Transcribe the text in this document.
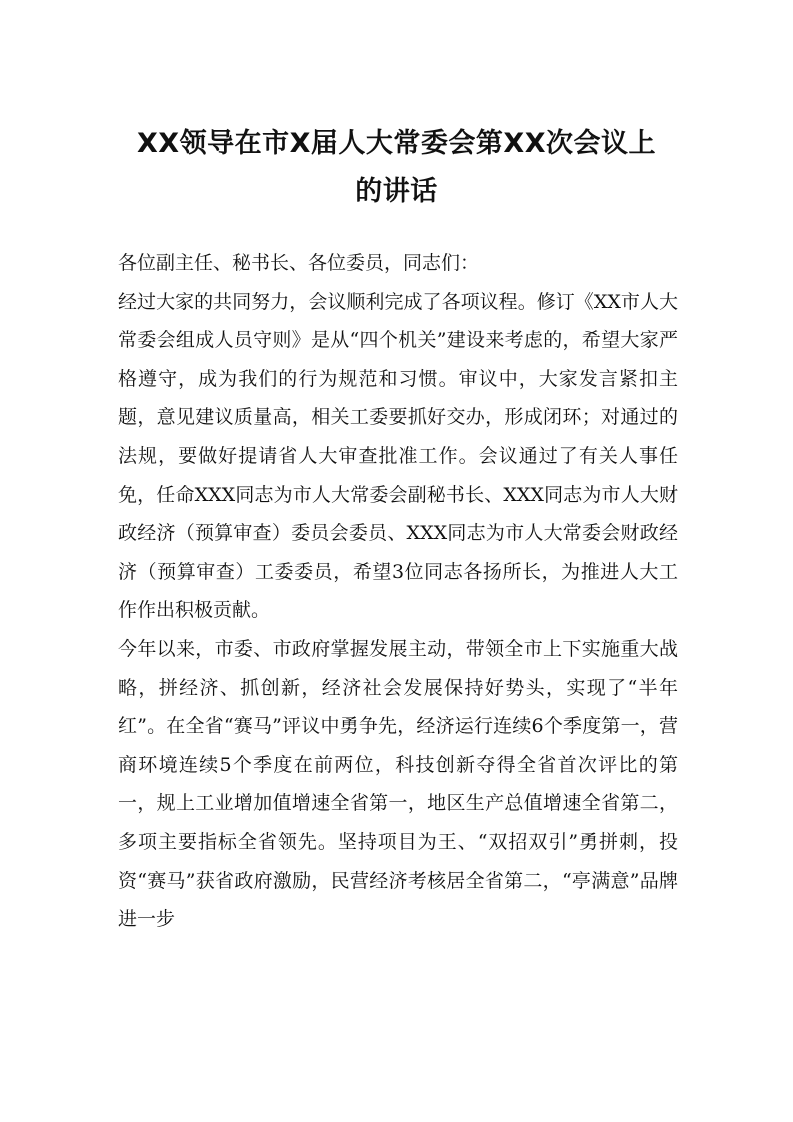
XX领导在市X届人大常委会第XX次会议上
的讲话

各位副主任、秘书长、各位委员，同志们：

经过大家的共同努力，会议顺利完成了各项议程。修订《XX市人大常委会组成人员守则》是从“四个机关”建设来考虑的，希望大家严格遵守，成为我们的行为规范和习惯。审议中，大家发言紧扣主题，意见建议质量高，相关工委要抓好交办，形成闭环；对通过的法规，要做好提请省人大审查批准工作。会议通过了有关人事任免，任命XXX同志为市人大常委会副秘书长、XXX同志为市人大财政经济（预算审查）委员会委员、XXX同志为市人大常委会财政经济（预算审查）工委委员，希望3位同志各扬所长，为推进人大工作作出积极贡献。

今年以来，市委、市政府掌握发展主动，带领全市上下实施重大战略，拼经济、抓创新，经济社会发展保持好势头，实现了“半年红”。在全省“赛马”评议中勇争先，经济运行连续6个季度第一，营商环境连续5个季度在前两位，科技创新夺得全省首次评比的第一，规上工业增加值增速全省第一，地区生产总值增速全省第二，多项主要指标全省领先。坚持项目为王、“双招双引”勇拼刺，投资“赛马”获省政府激励，民营经济考核居全省第二，“亭满意”品牌进一步
